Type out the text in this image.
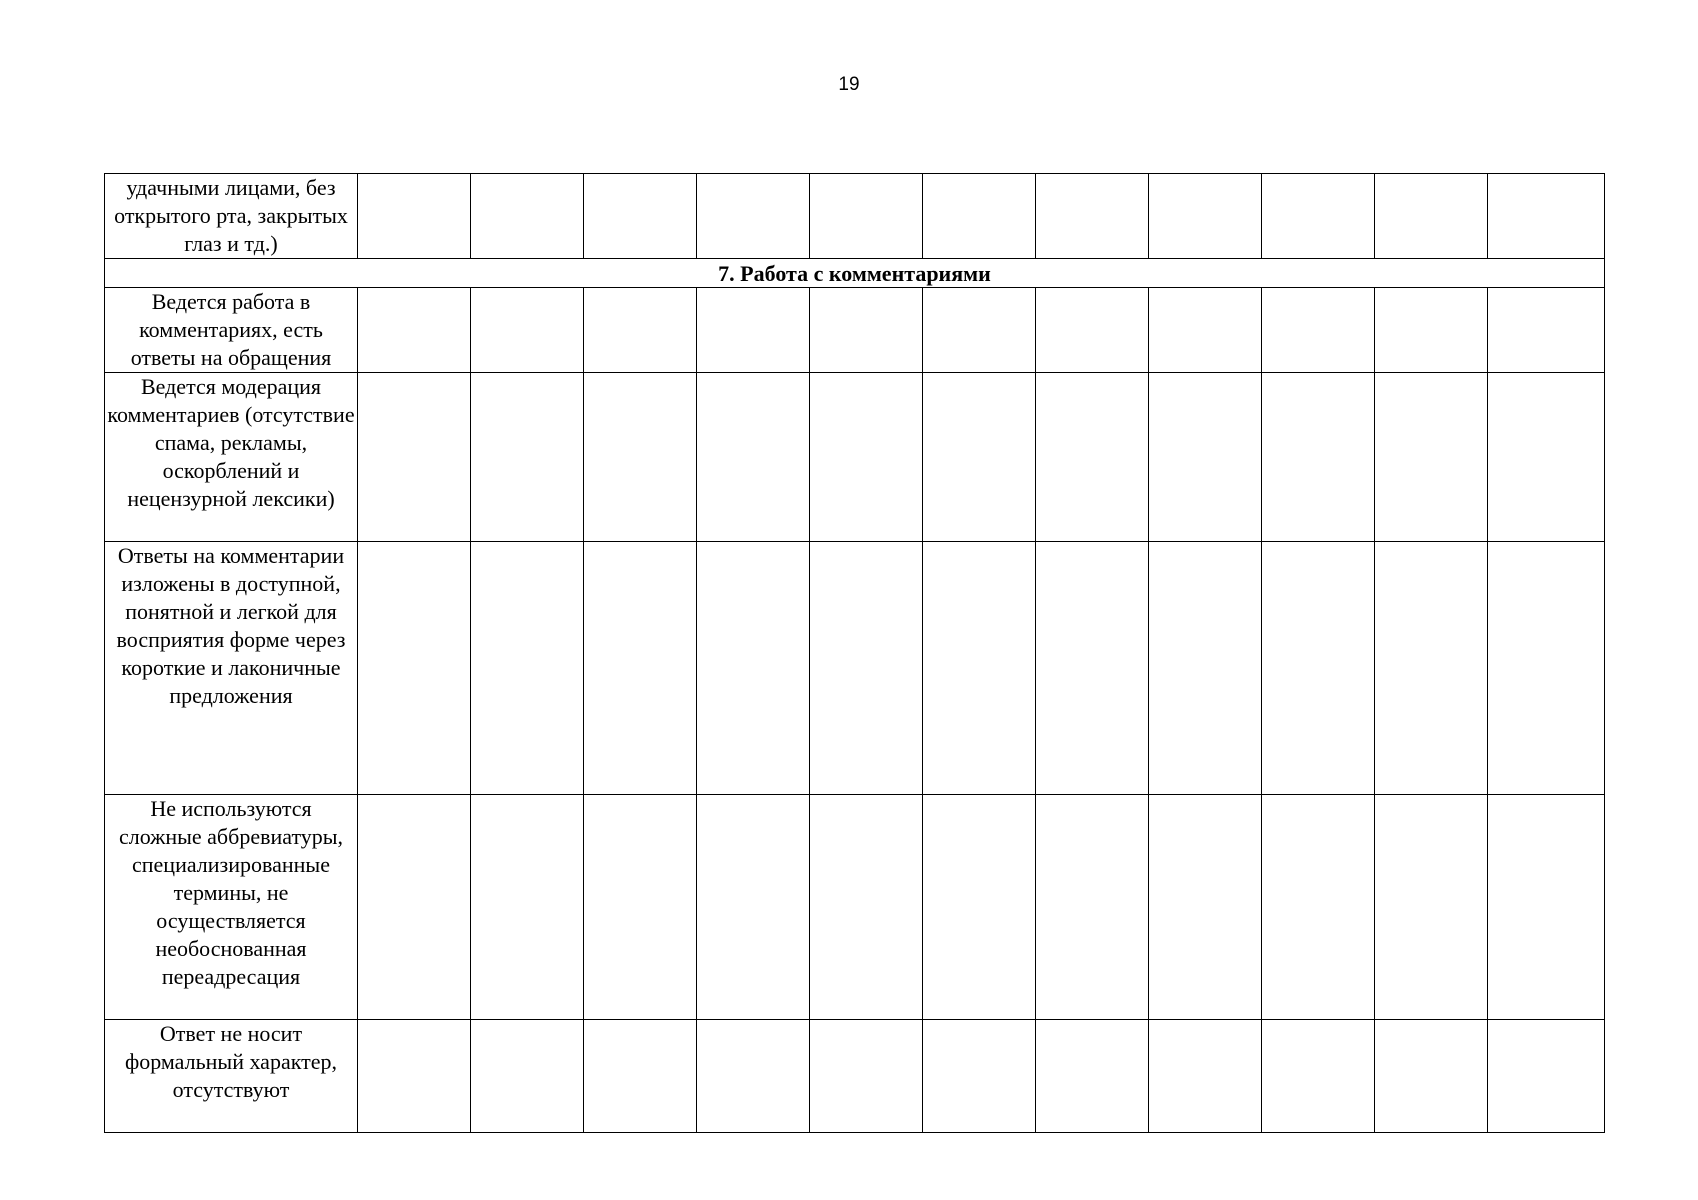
19
удачными лицами, без открытого рта, закрытых глаз и тд.)											
7. Работа с комментариями											
Ведется работа в комментариях, есть ответы на обращения											
Ведется модерация комментариев (отсутствие спама, рекламы, оскорблений и нецензурной лексики)											
Ответы на комментарии изложены в доступной, понятной и легкой для восприятия форме через короткие и лаконичные предложения											
Не используются сложные аббревиатуры, специализированные термины, не осуществляется необоснованная переадресация											
Ответ не носит формальный характер, отсутствуют											
